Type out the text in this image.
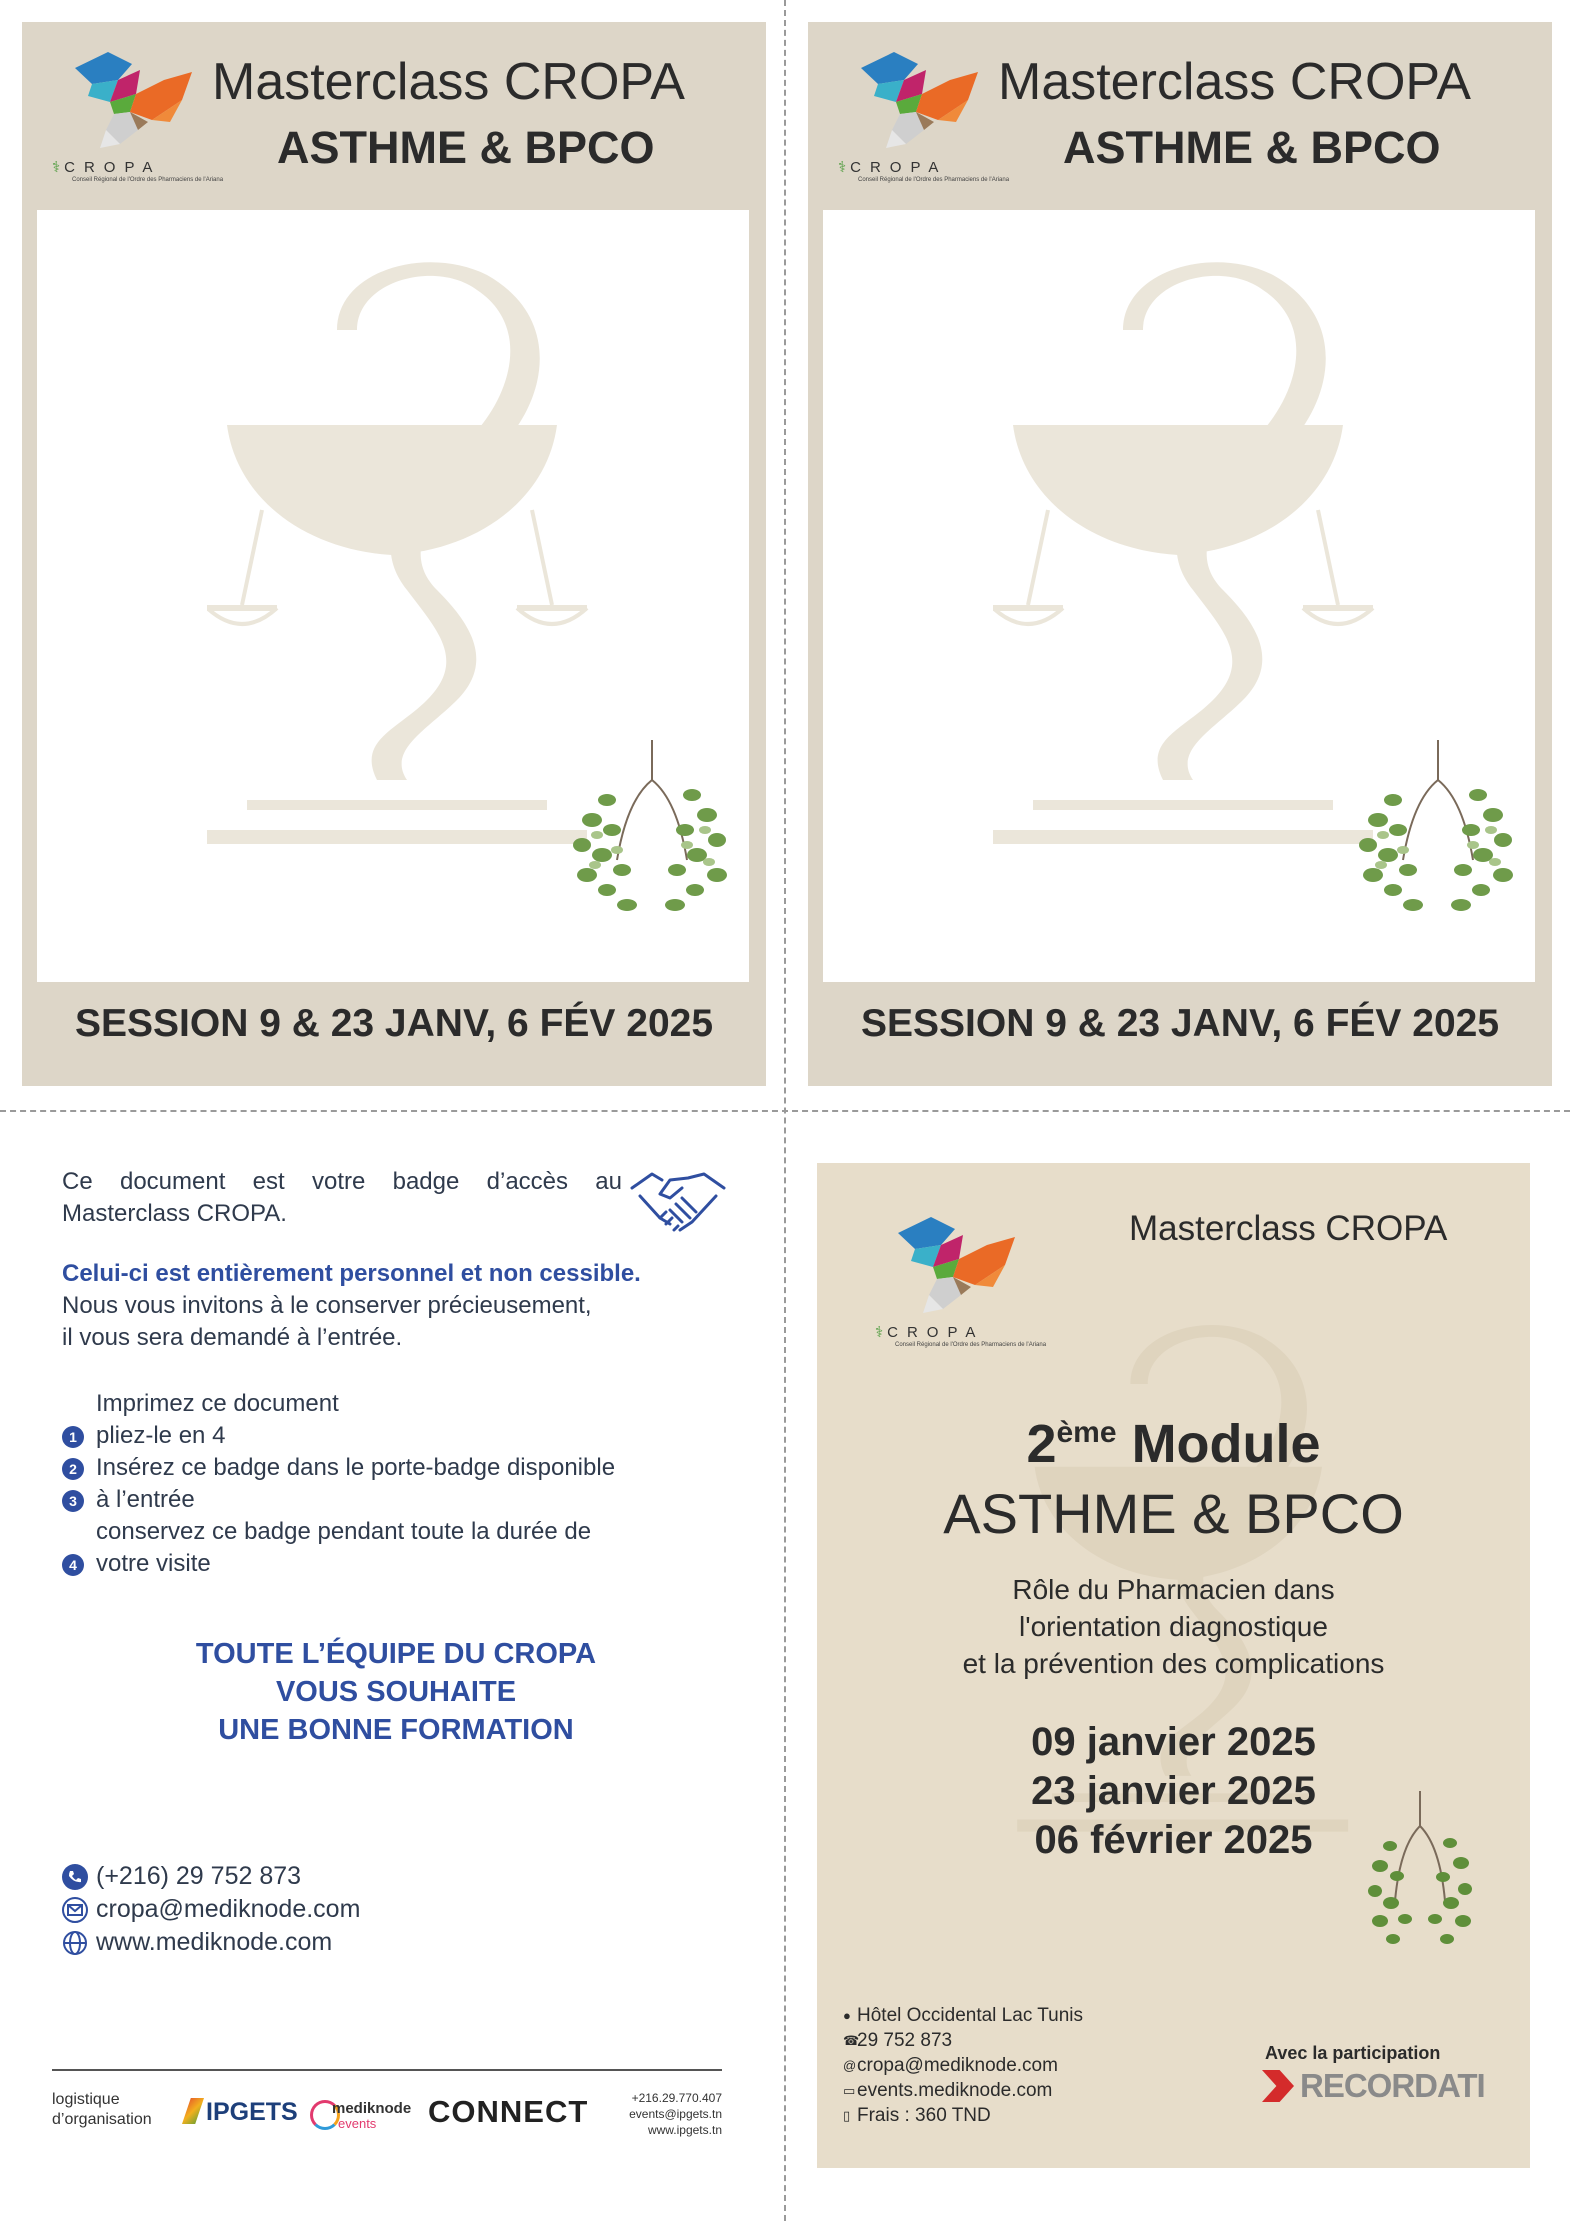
⚕ CROPA
Conseil Régional de l'Ordre des Pharmaciens de l'Ariana
Masterclass CROPA
ASTHME & BPCO
SESSION 9 & 23 JANV, 6 FÉV 2025
⚕ CROPA
Conseil Régional de l'Ordre des Pharmaciens de l'Ariana
Masterclass CROPA
ASTHME & BPCO
SESSION 9 & 23 JANV, 6 FÉV 2025

Ce document est votre badge d’accès au Masterclass CROPA.

Celui-ci est entièrement personnel et non cessible.

Nous vous invitons à le conserver précieusement,

il vous sera demandé à l’entrée.

Imprimez ce document
1 pliez-le en 4
2 Insérez ce badge dans le porte-badge disponible
3 à l’entrée
conservez ce badge pendant toute la durée de
4 votre visite
TOUTE L’ÉQUIPE DU CROPA
VOUS SOUHAITE
UNE BONNE FORMATION
(+216) 29 752 873
cropa@mediknode.com
www.mediknode.com
logistique
d’organisation	IPGETS mediknode
events CONNECT	+216.29.770.407
events@ipgets.tn
www.ipgets.tn
⚕ CROPA
Conseil Régional de l'Ordre des Pharmaciens de l'Ariana
Masterclass CROPA
2ème Module
ASTHME & BPCO
Rôle du Pharmacien dans
l'orientation diagnostique
et la prévention des complications
09 janvier 2025
23 janvier 2025
06 février 2025
● Hôtel Occidental Lac Tunis
☎
29 752 873
@ cropa@mediknode.com
▭ events.mediknode.com
▯ Frais : 360 TND
Avec la participation
RECORDATI
